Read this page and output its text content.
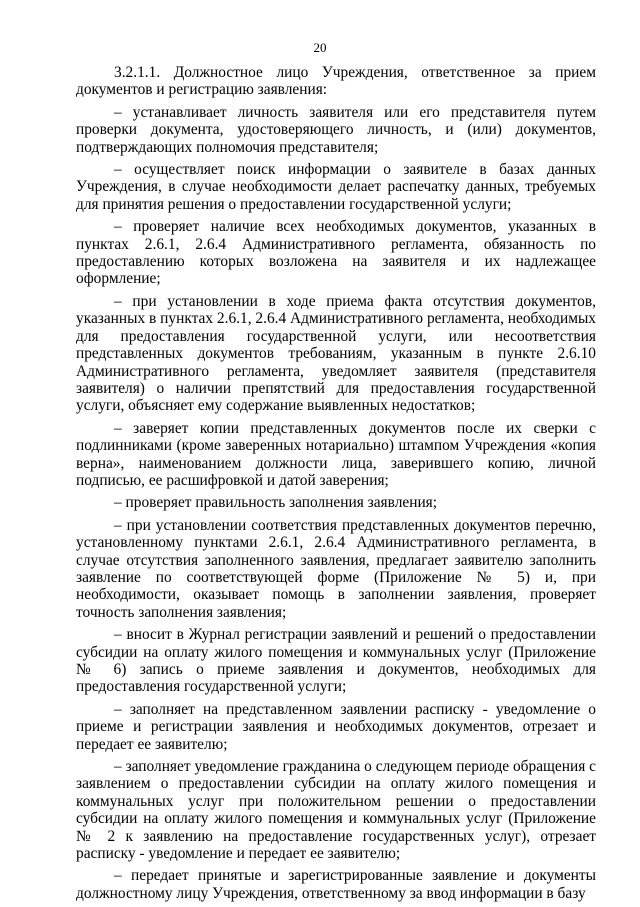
20

3.2.1.1. Должностное лицо Учреждения, ответственное за прием документов и регистрацию заявления:

– устанавливает личность заявителя или его представителя путем проверки документа, удостоверяющего личность, и (или) документов, подтверждающих полномочия представителя;

– осуществляет поиск информации о заявителе в базах данных Учреждения, в случае необходимости делает распечатку данных, требуемых для принятия решения о предоставлении государственной услуги;

– проверяет наличие всех необходимых документов, указанных в пунктах 2.6.1, 2.6.4 Административного регламента, обязанность по предоставлению которых возложена на заявителя и их надлежащее оформление;

– при установлении в ходе приема факта отсутствия документов, указанных в пунктах 2.6.1, 2.6.4 Административного регламента, необходимых для предоставления государственной услуги, или несоответствия представленных документов требованиям, указанным в пункте 2.6.10 Административного регламента, уведомляет заявителя (представителя заявителя) о наличии препятствий для предоставления государственной услуги, объясняет ему содержание выявленных недостатков;

– заверяет копии представленных документов после их сверки с подлинниками (кроме заверенных нотариально) штампом Учреждения «копия верна», наименованием должности лица, заверившего копию, личной подписью, ее расшифровкой и датой заверения;

– проверяет правильность заполнения заявления;

– при установлении соответствия представленных документов перечню, установленному пунктами 2.6.1, 2.6.4 Административного регламента, в случае отсутствия заполненного заявления, предлагает заявителю заполнить заявление по соответствующей форме (Приложение № 5) и, при необходимости, оказывает помощь в заполнении заявления, проверяет точность заполнения заявления;

– вносит в Журнал регистрации заявлений и решений о предоставлении субсидии на оплату жилого помещения и коммунальных услуг (Приложение № 6) запись о приеме заявления и документов, необходимых для предоставления государственной услуги;

– заполняет на представленном заявлении расписку - уведомление о приеме и регистрации заявления и необходимых документов, отрезает и передает ее заявителю;

– заполняет уведомление гражданина о следующем периоде обращения с заявлением о предоставлении субсидии на оплату жилого помещения и коммунальных услуг при положительном решении о предоставлении субсидии на оплату жилого помещения и коммунальных услуг (Приложение № 2 к заявлению на предоставление государственных услуг), отрезает расписку - уведомление и передает ее заявителю;

– передает принятые и зарегистрированные заявление и документы должностному лицу Учреждения, ответственному за ввод информации в базу
